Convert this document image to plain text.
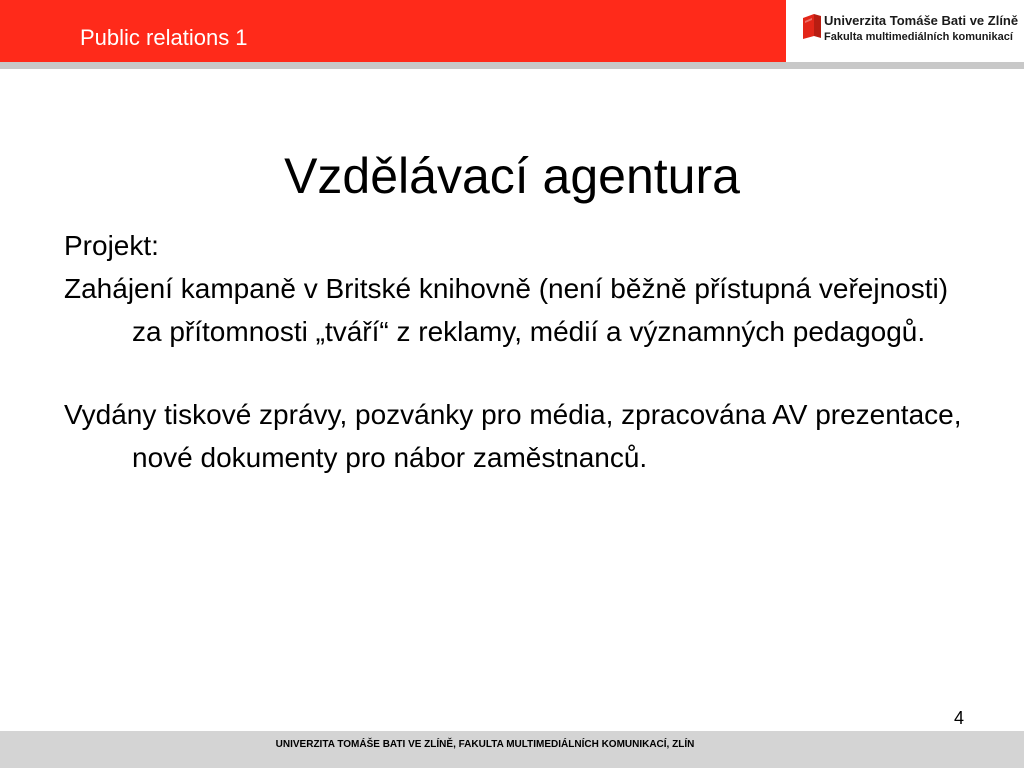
Public relations 1
Univerzita Tomáše Bati ve Zlíně
Fakulta multimediálních komunikací
Vzdělávací agentura

Projekt:

Zahájení kampaně v Britské knihovně (není běžně přístupná veřejnosti) za přítomnosti „tváří“ z reklamy, médií a významných pedagogů.

Vydány tiskové zprávy, pozvánky pro média, zpracována AV prezentace, nové dokumenty pro nábor zaměstnanců.

4
UNIVERZITA TOMÁŠE BATI VE ZLÍNĚ, FAKULTA MULTIMEDIÁLNÍCH KOMUNIKACÍ, ZLÍN
